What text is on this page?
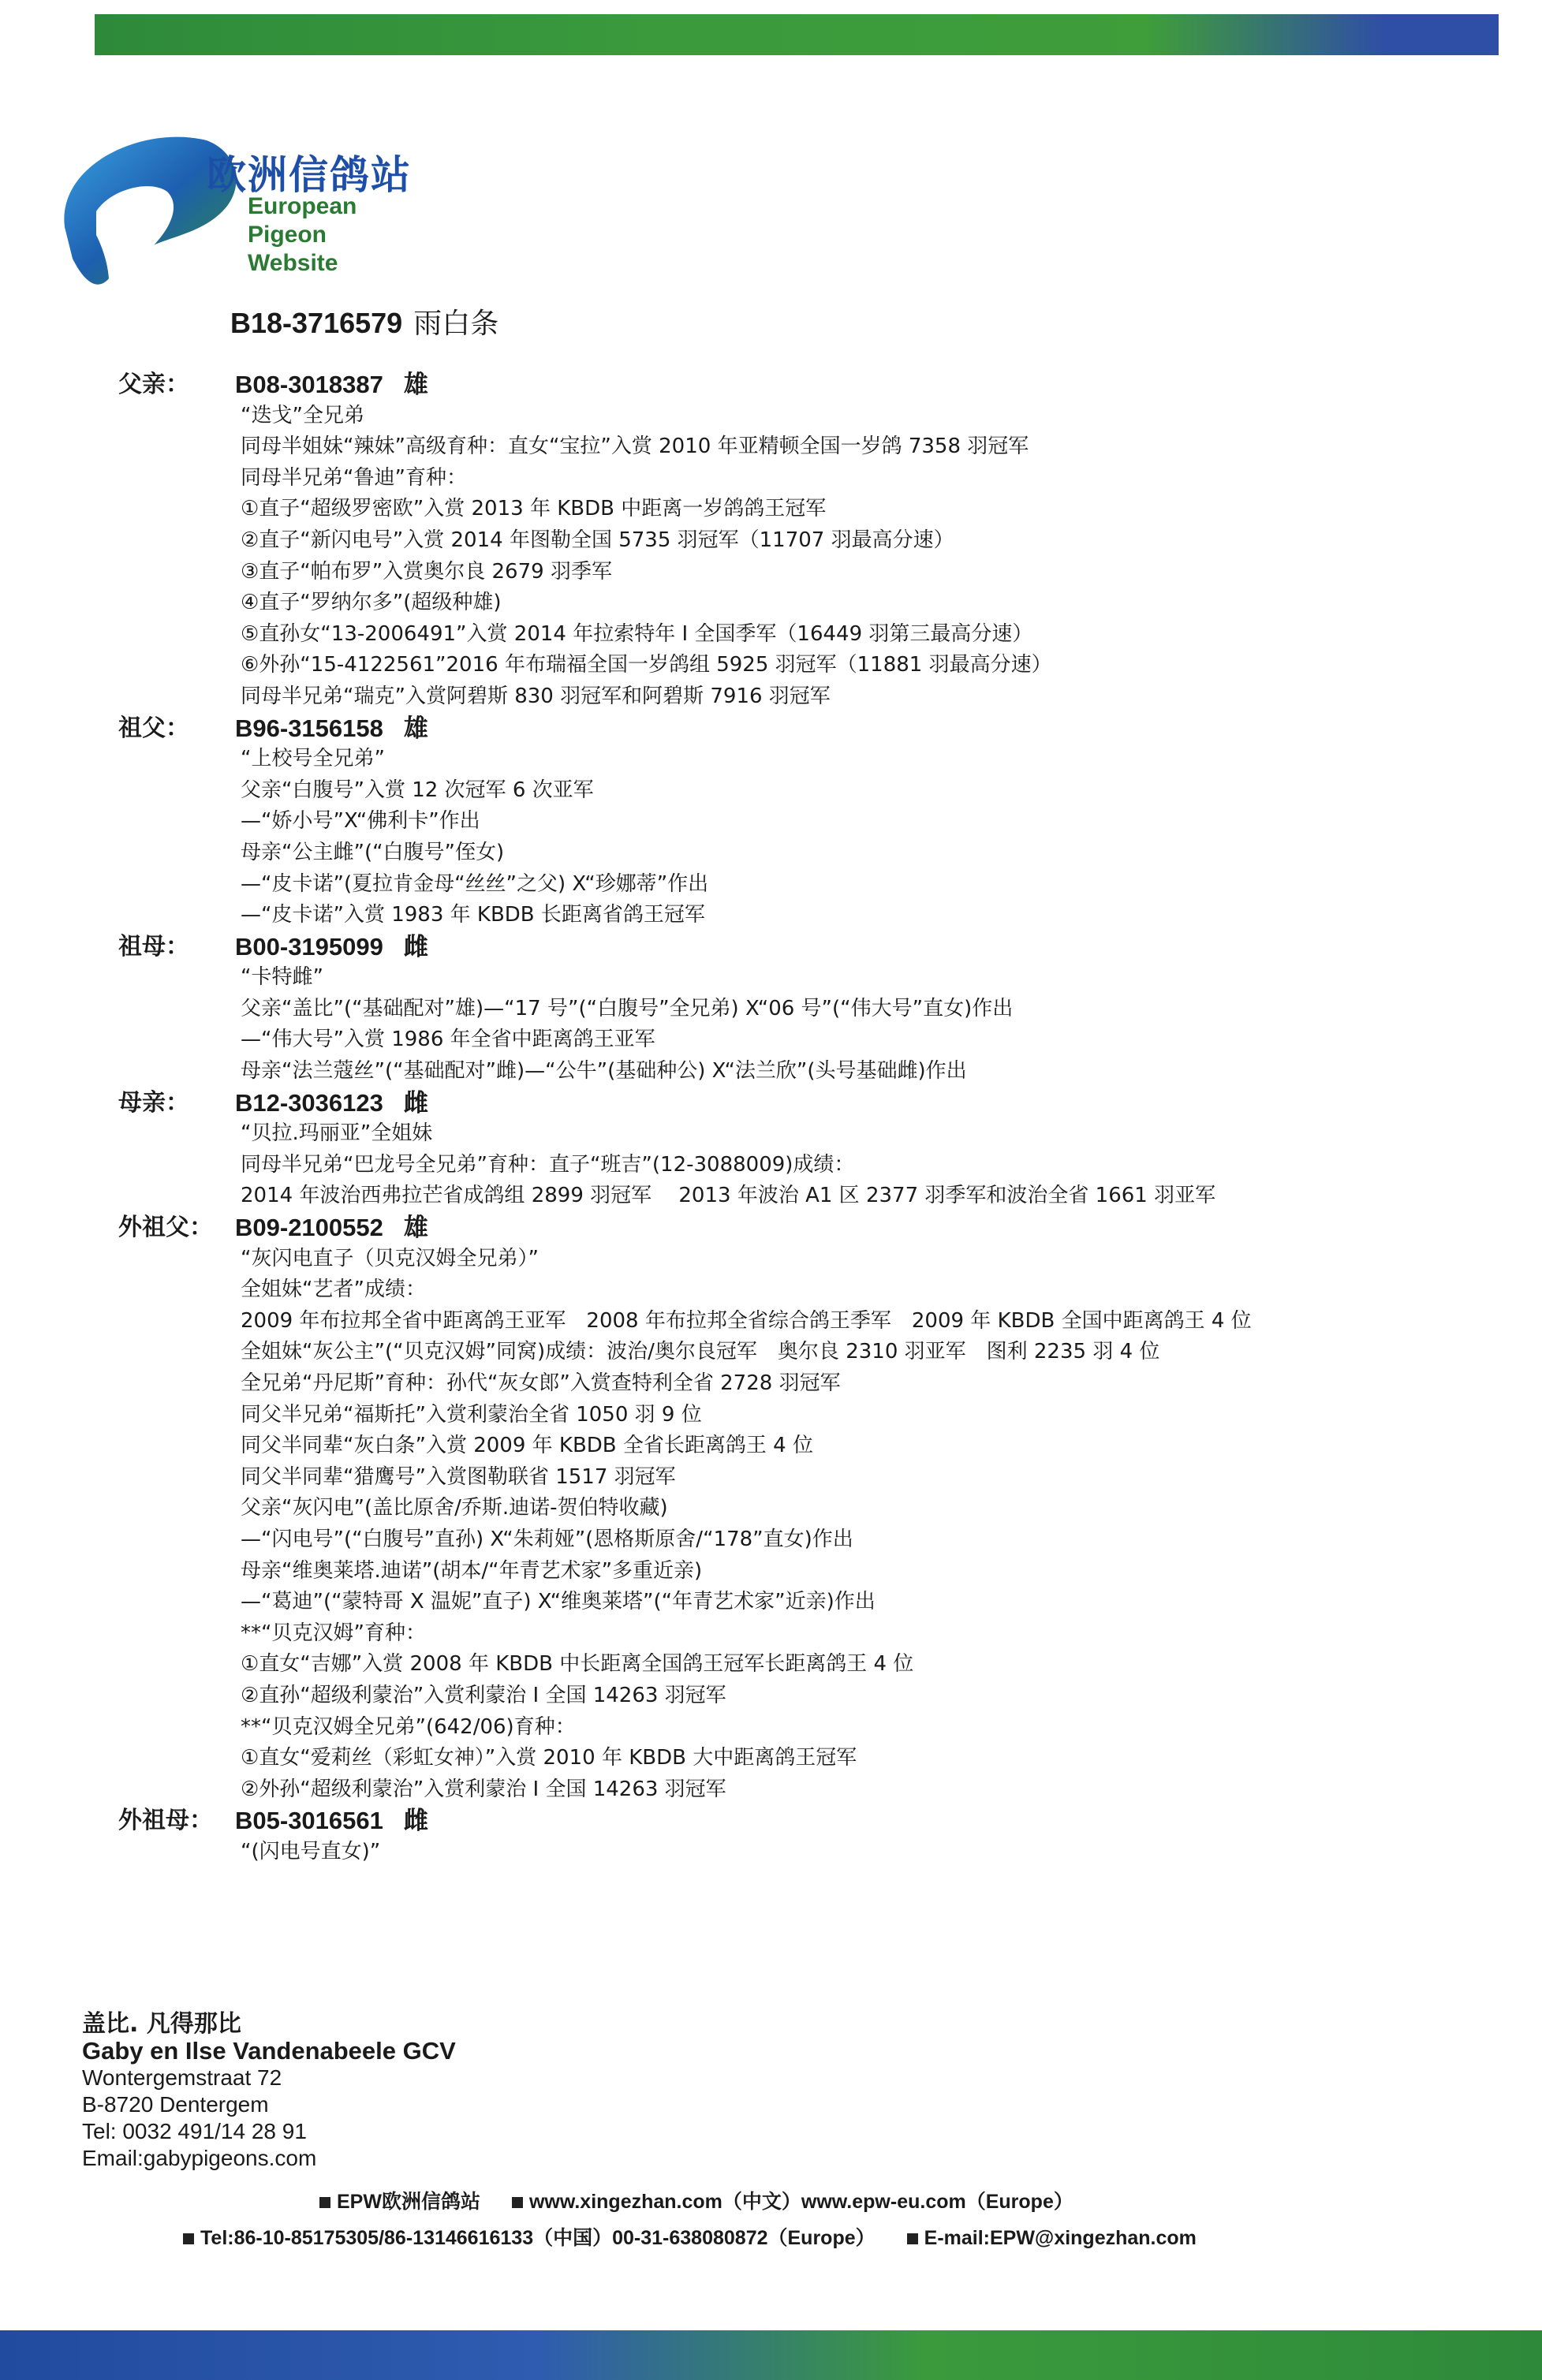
欧洲信鸽站
European Pigeon
Website
B18-3716579 雨白条
父亲： B08-3018387 雄
“迭戈”全兄弟
同母半姐妹“辣妹”高级育种：直女“宝拉”入赏 2010 年亚精顿全国一岁鸽 7358 羽冠军
同母半兄弟“鲁迪”育种：
①直子“超级罗密欧”入赏 2013 年 KBDB 中距离一岁鸽鸽王冠军
②直子“新闪电号”入赏 2014 年图勒全国 5735 羽冠军（11707 羽最高分速）
③直子“帕布罗”入赏奥尔良 2679 羽季军
④直子“罗纳尔多”(超级种雄)
⑤直孙女“13-2006491”入赏 2014 年拉索特年 I 全国季军（16449 羽第三最高分速）
⑥外孙“15-4122561”2016 年布瑞福全国一岁鸽组 5925 羽冠军（11881 羽最高分速）
同母半兄弟“瑞克”入赏阿碧斯 830 羽冠军和阿碧斯 7916 羽冠军
祖父： B96-3156158 雄
“上校号全兄弟”
父亲“白腹号”入赏 12 次冠军 6 次亚军
—“娇小号”X“佛利卡”作出
母亲“公主雌”(“白腹号”侄女)
—“皮卡诺”(夏拉肯金母“丝丝”之父) X“珍娜蒂”作出
—“皮卡诺”入赏 1983 年 KBDB 长距离省鸽王冠军
祖母： B00-3195099 雌
“卡特雌”
父亲“盖比”(“基础配对”雄)—“17 号”(“白腹号”全兄弟) X“06 号”(“伟大号”直女)作出
—“伟大号”入赏 1986 年全省中距离鸽王亚军
母亲“法兰蔻丝”(“基础配对”雌)—“公牛”(基础种公) X“法兰欣”(头号基础雌)作出
母亲： B12-3036123 雌
“贝拉.玛丽亚”全姐妹
同母半兄弟“巴龙号全兄弟”育种：直子“班吉”(12-3088009)成绩：
2014 年波治西弗拉芒省成鸽组 2899 羽冠军　 2013 年波治 A1 区 2377 羽季军和波治全省 1661 羽亚军
外祖父： B09-2100552 雄
“灰闪电直子（贝克汉姆全兄弟）”
全姐妹“艺者”成绩：
2009 年布拉邦全省中距离鸽王亚军　2008 年布拉邦全省综合鸽王季军　2009 年 KBDB 全国中距离鸽王 4 位
全姐妹“灰公主”(“贝克汉姆”同窝)成绩：波治/奥尔良冠军　奥尔良 2310 羽亚军　图利 2235 羽 4 位
全兄弟“丹尼斯”育种：孙代“灰女郎”入赏查特利全省 2728 羽冠军
同父半兄弟“福斯托”入赏利蒙治全省 1050 羽 9 位
同父半同辈“灰白条”入赏 2009 年 KBDB 全省长距离鸽王 4 位
同父半同辈“猎鹰号”入赏图勒联省 1517 羽冠军
父亲“灰闪电”(盖比原舍/乔斯.迪诺-贺伯特收藏)
—“闪电号”(“白腹号”直孙) X“朱莉娅”(恩格斯原舍/“178”直女)作出
母亲“维奥莱塔.迪诺”(胡本/“年青艺术家”多重近亲)
—“葛迪”(“蒙特哥 X 温妮”直子) X“维奥莱塔”(“年青艺术家”近亲)作出
**“贝克汉姆”育种：
①直女“吉娜”入赏 2008 年 KBDB 中长距离全国鸽王冠军长距离鸽王 4 位
②直孙“超级利蒙治”入赏利蒙治 I 全国 14263 羽冠军
**“贝克汉姆全兄弟”(642/06)育种：
①直女“爱莉丝（彩虹女神）”入赏 2010 年 KBDB 大中距离鸽王冠军
②外孙“超级利蒙治”入赏利蒙治 I 全国 14263 羽冠军
外祖母： B05-3016561 雌
“(闪电号直女)”
盖比. 凡得那比
Gaby en Ilse Vandenabeele GCV
Wontergemstraat 72
B-8720 Dentergem
Tel: 0032 491/14 28 91
Email:gabypigeons.com
EPW欧洲信鸽站 www.xingezhan.com（中文）www.epw-eu.com（Europe）
Tel:86-10-85175305/86-13146616133（中国）00-31-638080872（Europe） E-mail:EPW@xingezhan.com
